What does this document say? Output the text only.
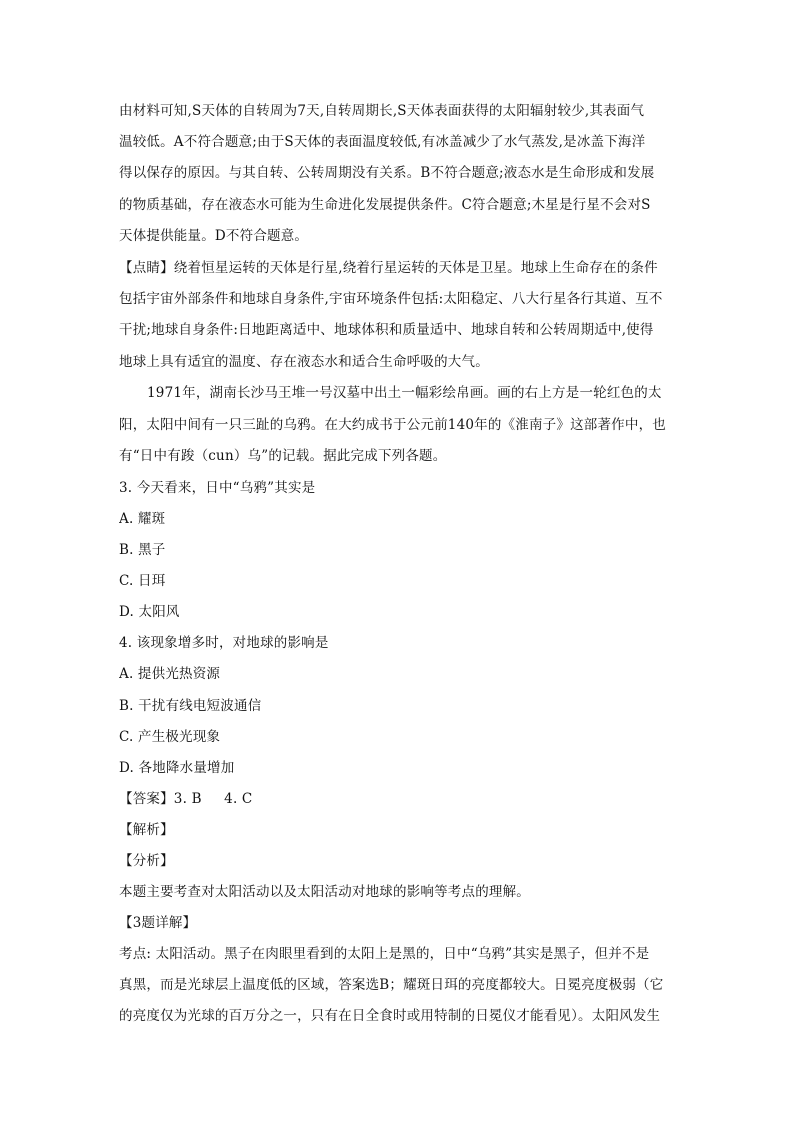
由材料可知,S天体的自转周为7天,自转周期长,S天体表面获得的太阳辐射较少,其表面气
温较低。A不符合题意;由于S天体的表面温度较低,有冰盖减少了水气蒸发,是冰盖下海洋
得以保存的原因。与其自转、公转周期没有关系。B不符合题意;液态水是生命形成和发展
的物质基础，存在液态水可能为生命进化发展提供条件。C符合题意;木星是行星不会对S
天体提供能量。D不符合题意。
【点睛】绕着恒星运转的天体是行星,绕着行星运转的天体是卫星。地球上生命存在的条件
包括宇宙外部条件和地球自身条件,宇宙环境条件包括:太阳稳定、八大行星各行其道、互不
干扰;地球自身条件:日地距离适中、地球体积和质量适中、地球自转和公转周期适中,使得
地球上具有适宜的温度、存在液态水和适合生命呼吸的大气。
1971年，湖南长沙马王堆一号汉墓中出土一幅彩绘帛画。画的右上方是一轮红色的太
阳，太阳中间有一只三趾的乌鸦。在大约成书于公元前140年的《淮南子》这部著作中，也
有“日中有踆（cun）乌”的记载。据此完成下列各题。
3. 今天看来，日中“乌鸦”其实是
A. 耀斑
B. 黑子
C. 日珥
D. 太阳风
4. 该现象增多时，对地球的影响是
A. 提供光热资源
B. 干扰有线电短波通信
C. 产生极光现象
D. 各地降水量增加
【答案】3. B     4. C
【解析】
【分析】
本题主要考查对太阳活动以及太阳活动对地球的影响等考点的理解。
【3题详解】
考点: 太阳活动。黑子在肉眼里看到的太阳上是黑的，日中“乌鸦”其实是黑子，但并不是
真黑，而是光球层上温度低的区域，答案选B；耀斑日珥的亮度都较大。日冕亮度极弱（它
的亮度仅为光球的百万分之一，只有在日全食时或用特制的日冕仪才能看见）。太阳风发生
